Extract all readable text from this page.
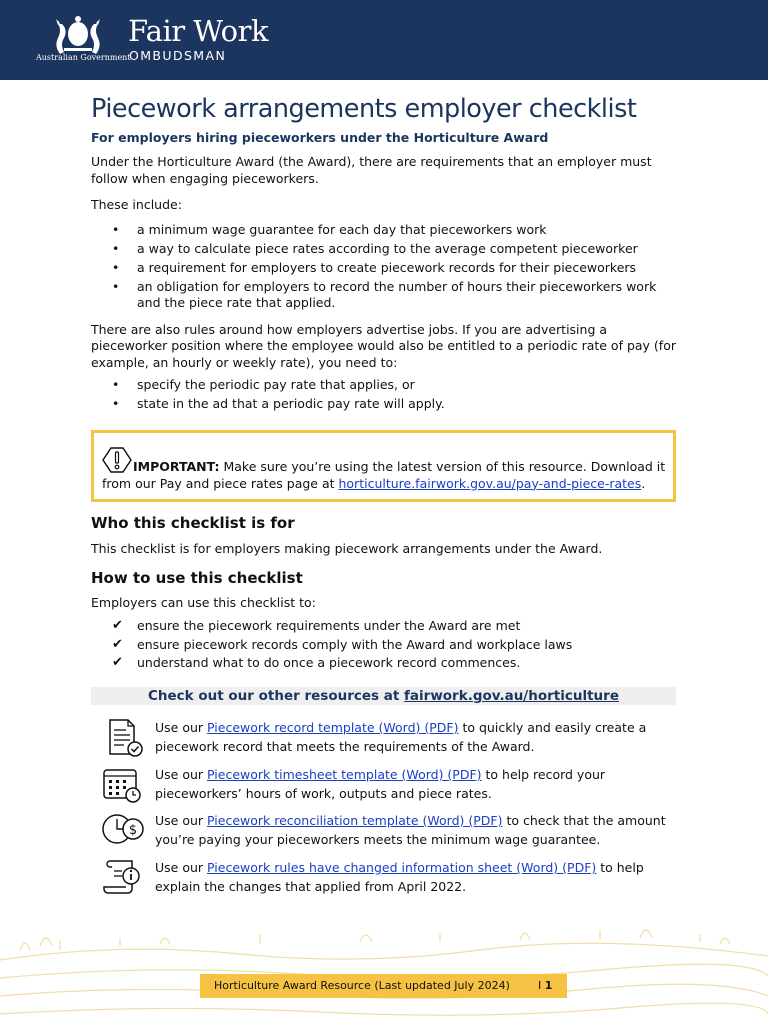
Australian Government
Fair Work
OMBUDSMAN
Piecework arrangements employer checklist
For employers hiring pieceworkers under the Horticulture Award

Under the Horticulture Award (the Award), there are requirements that an employer must follow when engaging pieceworkers.

These include:

• a minimum wage guarantee for each day that pieceworkers work
• a way to calculate piece rates according to the average competent pieceworker
• a requirement for employers to create piecework records for their pieceworkers
• an obligation for employers to record the number of hours their pieceworkers work and the piece rate that applied.

There are also rules around how employers advertise jobs. If you are advertising a pieceworker position where the employee would also be entitled to a periodic rate of pay (for example, an hourly or weekly rate), you need to:

• specify the periodic pay rate that applies, or
• state in the ad that a periodic pay rate will apply.
IMPORTANT: Make sure you’re using the latest version of this resource. Download it from our Pay and piece rates page at horticulture.fairwork.gov.au/pay-and-piece-rates.
Who this checklist is for

This checklist is for employers making piecework arrangements under the Award.

How to use this checklist

Employers can use this checklist to:

✔ ensure the piecework requirements under the Award are met
✔ ensure piecework records comply with the Award and workplace laws
✔ understand what to do once a piecework record commences.
Check out our other resources at fairwork.gov.au/horticulture
Use our Piecework record template (Word) (PDF) to quickly and easily create a piecework record that meets the requirements of the Award.
Use our Piecework timesheet template (Word) (PDF) to help record your pieceworkers’ hours of work, outputs and piece rates.
$
Use our Piecework reconciliation template (Word) (PDF) to check that the amount you’re paying your pieceworkers meets the minimum wage guarantee.
Use our Piecework rules have changed information sheet (Word) (PDF) to help explain the changes that applied from April 2022.
Horticulture Award Resource (Last updated July 2024)	I 1
